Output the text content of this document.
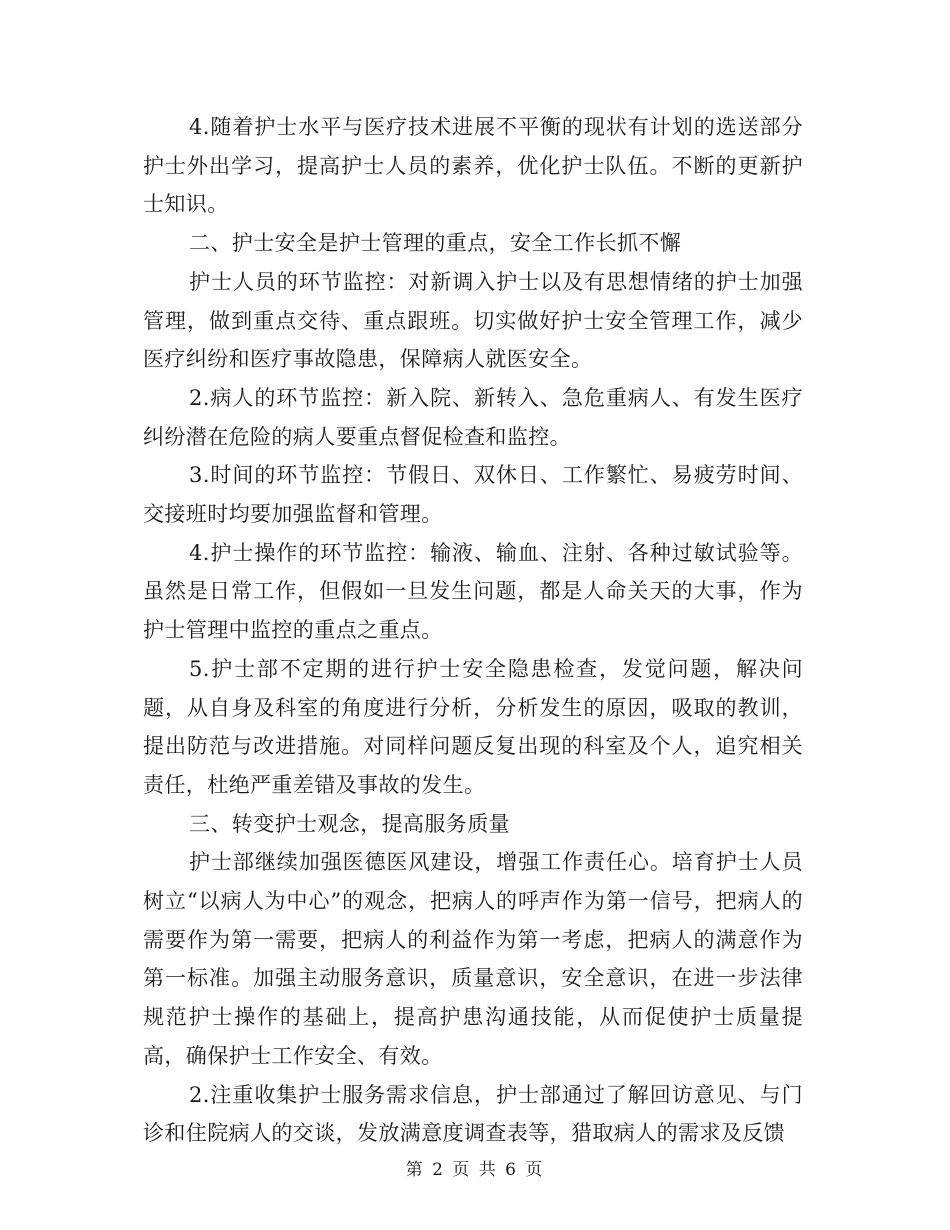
4.随着护士水平与医疗技术进展不平衡的现状有计划的选送部分护士外出学习，提高护士人员的素养，优化护士队伍。不断的更新护士知识。

二、护士安全是护士管理的重点，安全工作长抓不懈

护士人员的环节监控：对新调入护士以及有思想情绪的护士加强管理，做到重点交待、重点跟班。切实做好护士安全管理工作，减少医疗纠纷和医疗事故隐患，保障病人就医安全。

2.病人的环节监控：新入院、新转入、急危重病人、有发生医疗纠纷潜在危险的病人要重点督促检查和监控。

3.时间的环节监控：节假日、双休日、工作繁忙、易疲劳时间、交接班时均要加强监督和管理。

4.护士操作的环节监控：输液、输血、注射、各种过敏试验等。虽然是日常工作，但假如一旦发生问题，都是人命关天的大事，作为护士管理中监控的重点之重点。

5.护士部不定期的进行护士安全隐患检查，发觉问题，解决问题，从自身及科室的角度进行分析，分析发生的原因，吸取的教训，提出防范与改进措施。对同样问题反复出现的科室及个人，追究相关责任，杜绝严重差错及事故的发生。

三、转变护士观念，提高服务质量

护士部继续加强医德医风建设，增强工作责任心。培育护士人员树立“以病人为中心”的观念，把病人的呼声作为第一信号，把病人的需要作为第一需要，把病人的利益作为第一考虑，把病人的满意作为第一标准。加强主动服务意识，质量意识，安全意识，在进一步法律规范护士操作的基础上，提高护患沟通技能，从而促使护士质量提高，确保护士工作安全、有效。

2.注重收集护士服务需求信息，护士部通过了解回访意见、与门诊和住院病人的交谈，发放满意度调查表等，猎取病人的需求及反馈

第 2 页 共 6 页
